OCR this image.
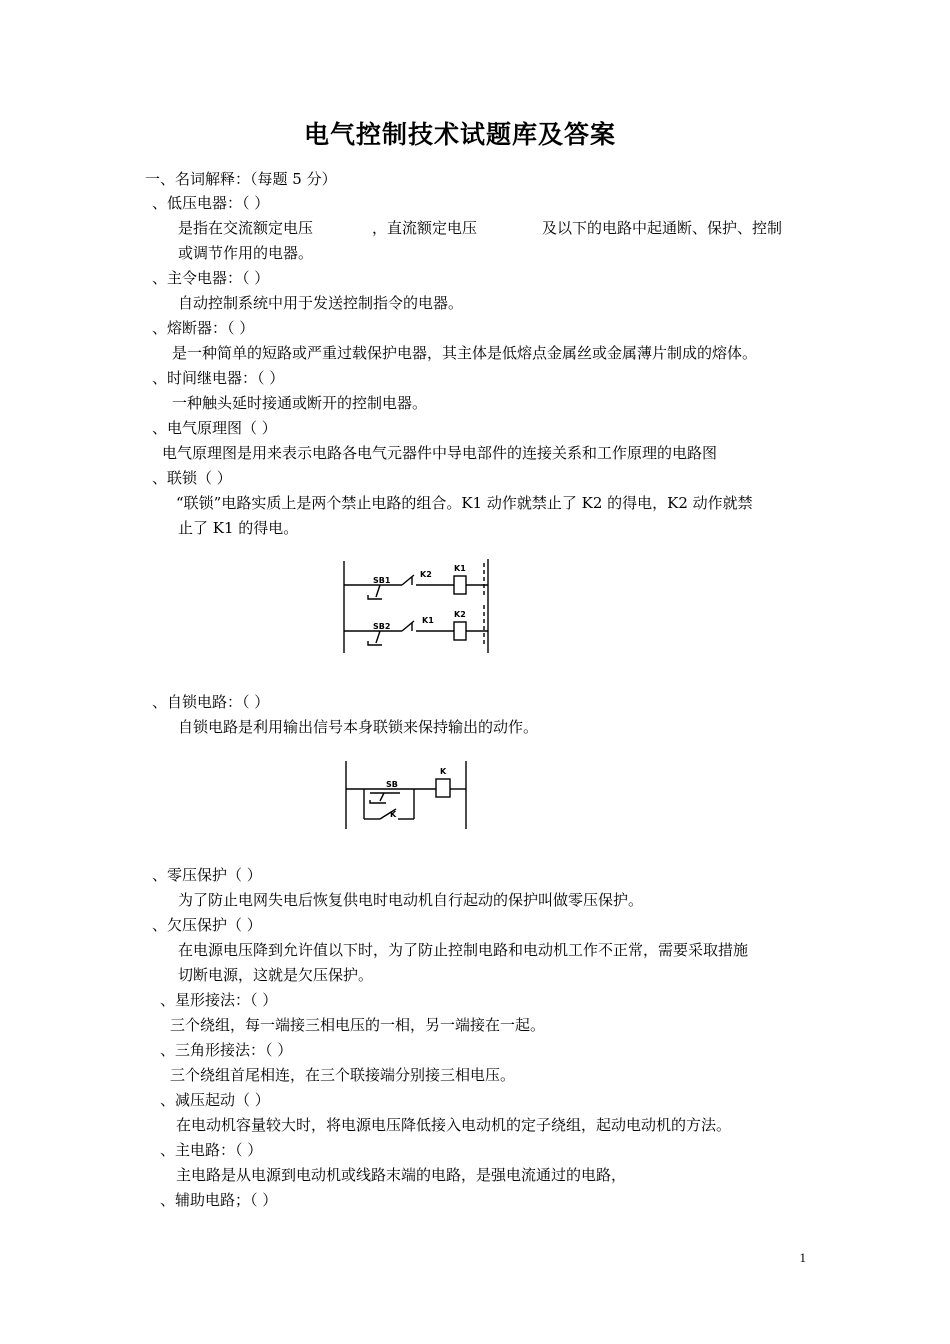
电气控制技术试题库及答案
一、名词解释：（每题 5 分）
、低压电器：（ ）
是指在交流额定电压	，直流额定电压	及以下的电路中起通断、保护、控制
或调节作用的电器。
、主令电器：（ ）
自动控制系统中用于发送控制指令的电器。
、熔断器：（ ）
是一种简单的短路或严重过载保护电器，其主体是低熔点金属丝或金属薄片制成的熔体。
、时间继电器：（ ）
一种触头延时接通或断开的控制电器。
、电气原理图（ ）
电气原理图是用来表示电路各电气元器件中导电部件的连接关系和工作原理的电路图
、联锁（ ）
“联锁”电路实质上是两个禁止电路的组合。K1 动作就禁止了 K2 的得电，K2 动作就禁
止了 K1 的得电。
SB1
K2
K1
SB2
K1
K2
、自锁电路：（ ）
自锁电路是利用输出信号本身联锁来保持输出的动作。
SB
K
K
、零压保护（ ）
为了防止电网失电后恢复供电时电动机自行起动的保护叫做零压保护。
、欠压保护（ ）
在电源电压降到允许值以下时，为了防止控制电路和电动机工作不正常，需要采取措施
切断电源，这就是欠压保护。
、星形接法：（ ）
三个绕组，每一端接三相电压的一相，另一端接在一起。
、三角形接法：（ ）
三个绕组首尾相连，在三个联接端分别接三相电压。
、减压起动（ ）
在电动机容量较大时，将电源电压降低接入电动机的定子绕组，起动电动机的方法。
、主电路：（ ）
主电路是从电源到电动机或线路末端的电路，是强电流通过的电路，
、辅助电路；（ ）
1
